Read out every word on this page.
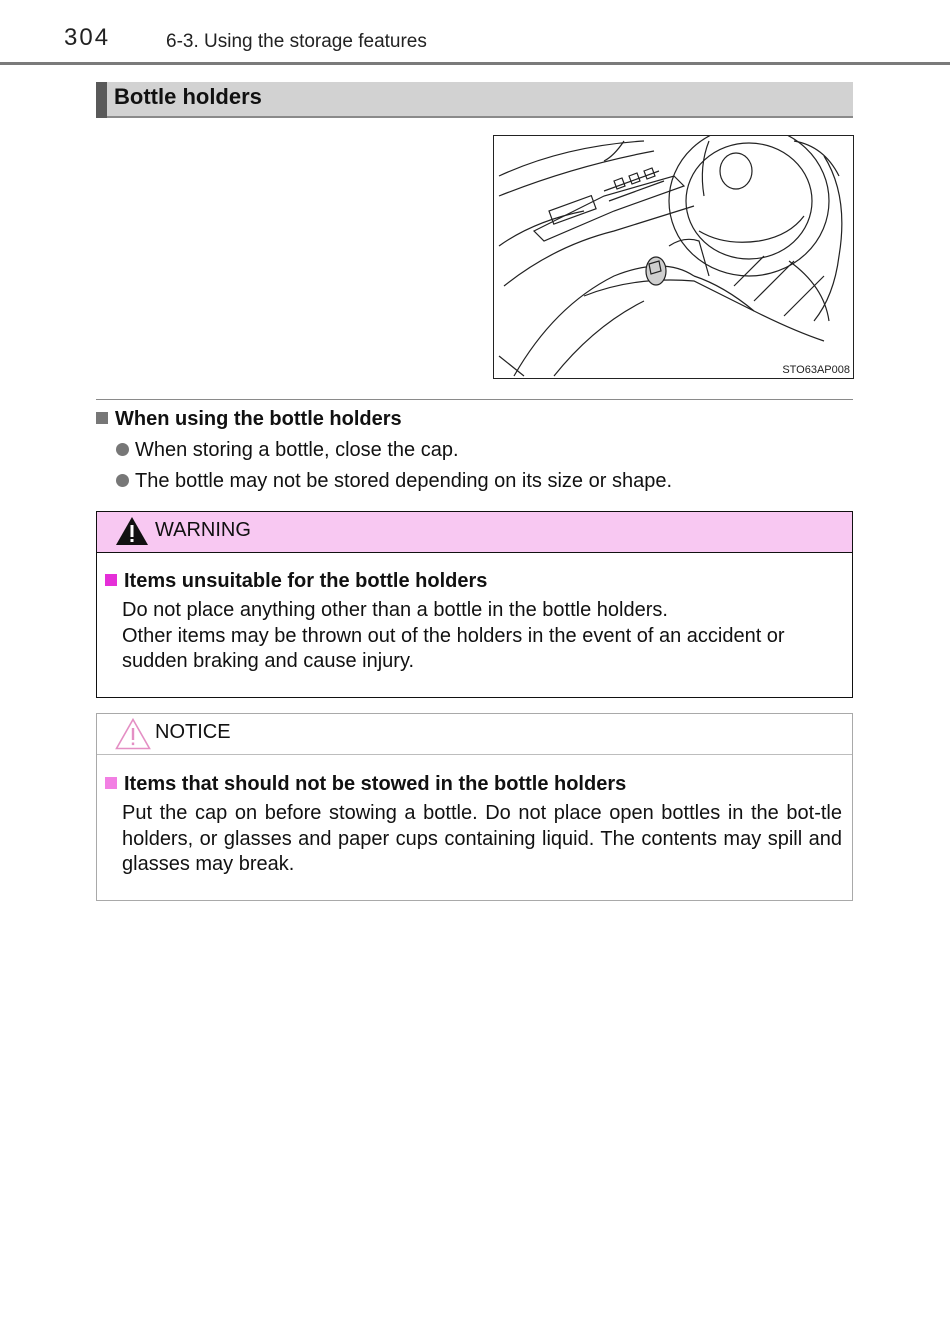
304	6-3. Using the storage features
Bottle holders
STO63AP008
When using the bottle holders
When storing a bottle, close the cap.
The bottle may not be stored depending on its size or shape.
WARNING
Items unsuitable for the bottle holders

Do not place anything other than a bottle in the bottle holders.

Other items may be thrown out of the holders in the event of an accident or sudden braking and cause injury.

NOTICE
Items that should not be stowed in the bottle holders

Put the cap on before stowing a bottle. Do not place open bottles in the bot-tle holders, or glasses and paper cups containing liquid. The contents may spill and glasses may break.
